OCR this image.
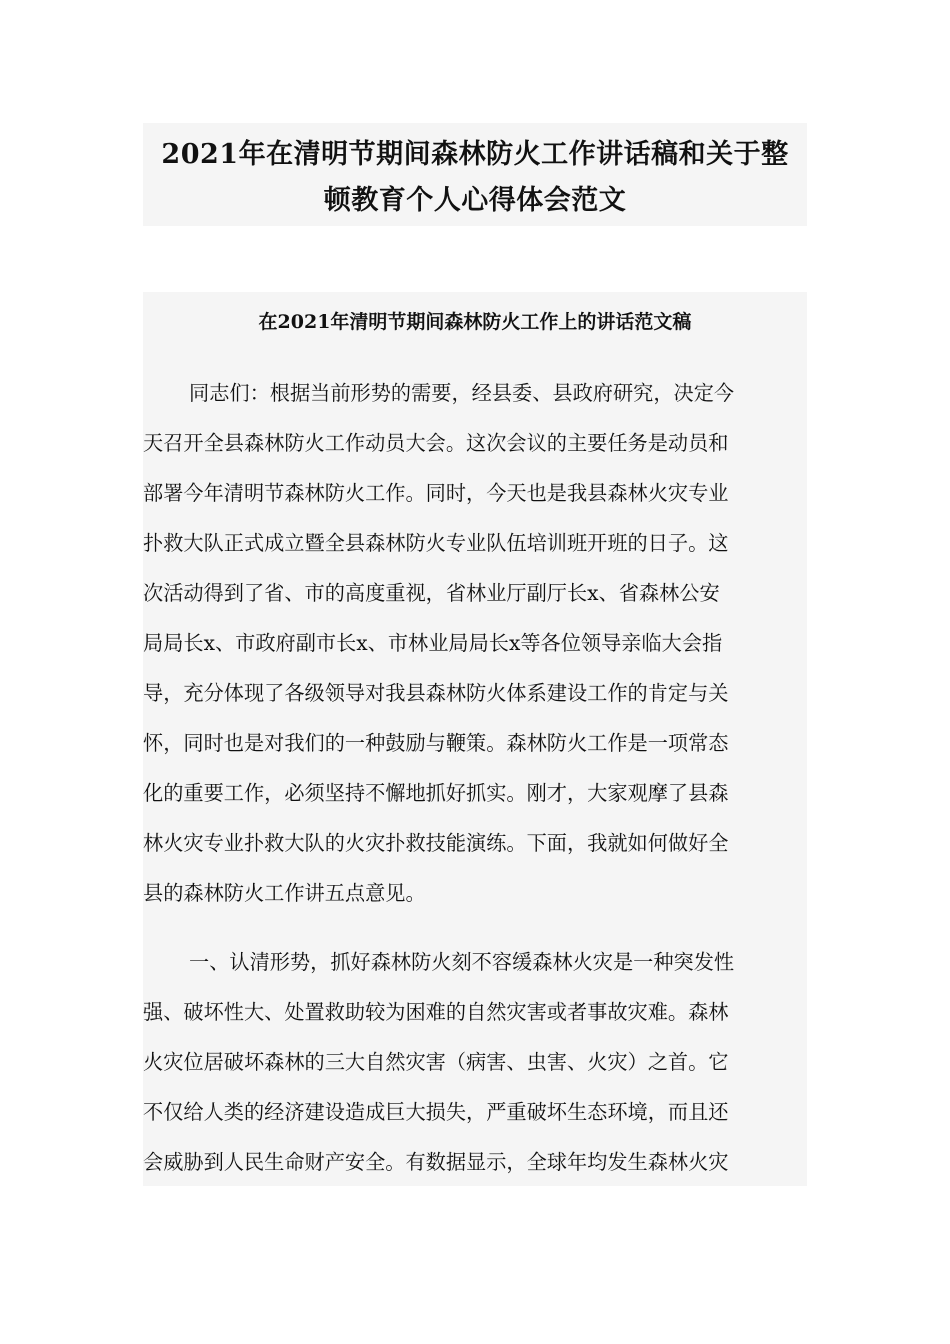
2021年在清明节期间森林防火工作讲话稿和关于整
顿教育个人心得体会范文
在2021年清明节期间森林防火工作上的讲话范文稿
同志们：根据当前形势的需要，经县委、县政府研究，决定今
天召开全县森林防火工作动员大会。这次会议的主要任务是动员和
部署今年清明节森林防火工作。同时，今天也是我县森林火灾专业
扑救大队正式成立暨全县森林防火专业队伍培训班开班的日子。这
次活动得到了省、市的高度重视，省林业厅副厅长x、省森林公安
局局长x、市政府副市长x、市林业局局长x等各位领导亲临大会指
导，充分体现了各级领导对我县森林防火体系建设工作的肯定与关
怀，同时也是对我们的一种鼓励与鞭策。森林防火工作是一项常态
化的重要工作，必须坚持不懈地抓好抓实。刚才，大家观摩了县森
林火灾专业扑救大队的火灾扑救技能演练。下面，我就如何做好全
县的森林防火工作讲五点意见。
一、认清形势，抓好森林防火刻不容缓森林火灾是一种突发性
强、破坏性大、处置救助较为困难的自然灾害或者事故灾难。森林
火灾位居破坏森林的三大自然灾害（病害、虫害、火灾）之首。它
不仅给人类的经济建设造成巨大损失，严重破坏生态环境，而且还
会威胁到人民生命财产安全。有数据显示，全球年均发生森林火灾
